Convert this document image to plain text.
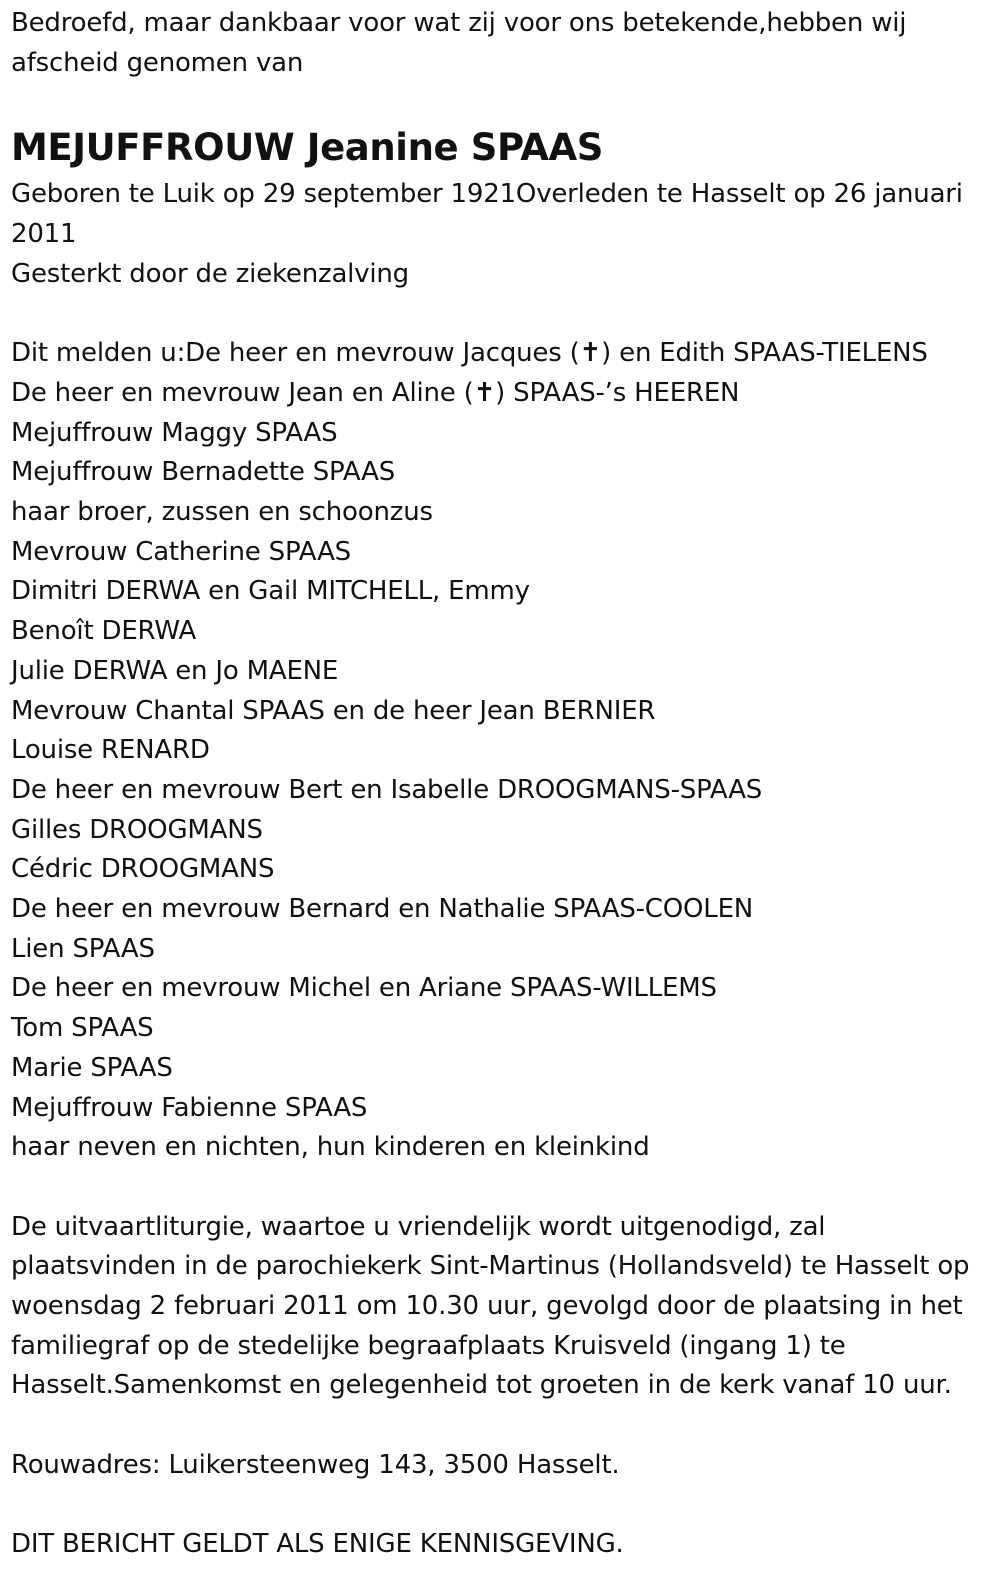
Bedroefd, maar dankbaar voor wat zij voor ons betekende,hebben wij afscheid genomen van
MEJUFFROUW Jeanine SPAAS
Geboren te Luik op 29 september 1921Overleden te Hasselt op 26 januari 2011
Gesterkt door de ziekenzalving
Dit melden u:De heer en mevrouw Jacques (✝) en Edith SPAAS-TIELENS
De heer en mevrouw Jean en Aline (✝) SPAAS-’s HEEREN
Mejuffrouw Maggy SPAAS
Mejuffrouw Bernadette SPAAS
haar broer, zussen en schoonzus
Mevrouw Catherine SPAAS
Dimitri DERWA en Gail MITCHELL, Emmy
Benoît DERWA
Julie DERWA en Jo MAENE
Mevrouw Chantal SPAAS en de heer Jean BERNIER
Louise RENARD
De heer en mevrouw Bert en Isabelle DROOGMANS-SPAAS
Gilles DROOGMANS
Cédric DROOGMANS
De heer en mevrouw Bernard en Nathalie SPAAS-COOLEN
Lien SPAAS
De heer en mevrouw Michel en Ariane SPAAS-WILLEMS
Tom SPAAS
Marie SPAAS
Mejuffrouw Fabienne SPAAS
haar neven en nichten, hun kinderen en kleinkind
De uitvaartliturgie, waartoe u vriendelijk wordt uitgenodigd, zal plaatsvinden in de parochiekerk Sint-Martinus (Hollandsveld) te Hasselt op woensdag 2 februari 2011 om 10.30 uur, gevolgd door de plaatsing in het familiegraf op de stedelijke begraafplaats Kruisveld (ingang 1) te Hasselt.Samenkomst en gelegenheid tot groeten in de kerk vanaf 10 uur.
Rouwadres: Luikersteenweg 143, 3500 Hasselt.
DIT BERICHT GELDT ALS ENIGE KENNISGEVING.
